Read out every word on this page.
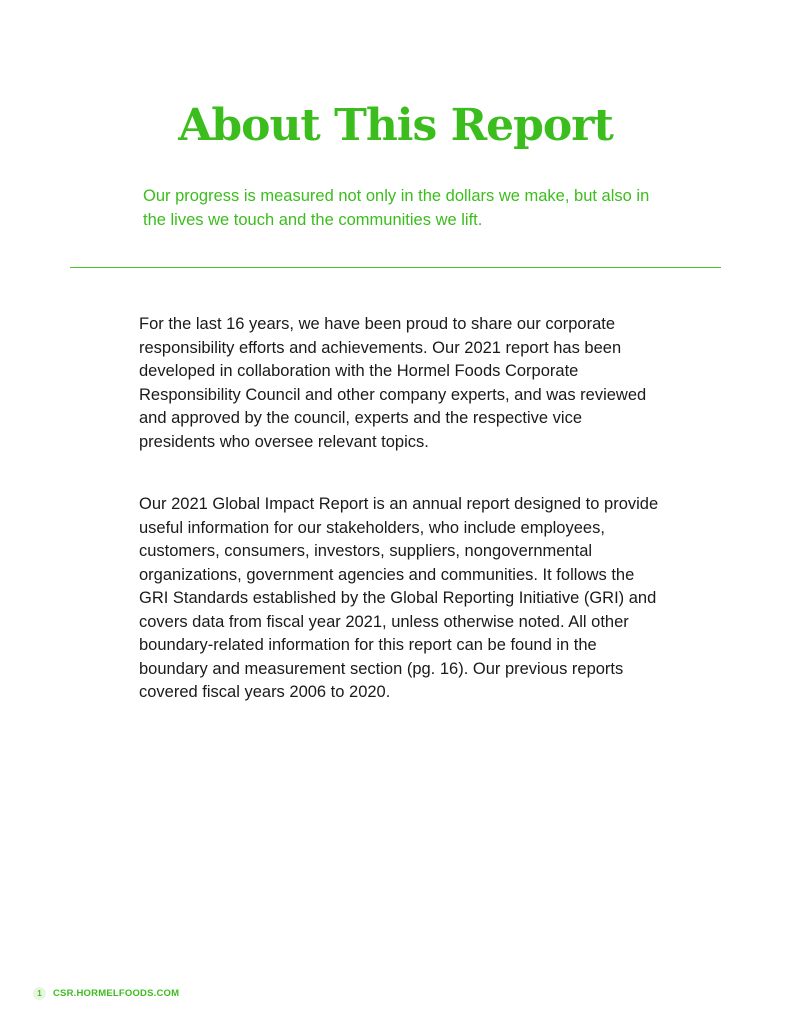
About This Report

Our progress is measured not only in the dollars we make, but also in the lives we touch and the communities we lift.

For the last 16 years, we have been proud to share our corporate responsibility efforts and achievements. Our 2021 report has been developed in collaboration with the Hormel Foods Corporate Responsibility Council and other company experts, and was reviewed and approved by the council, experts and the respective vice presidents who oversee relevant topics.

Our 2021 Global Impact Report is an annual report designed to provide useful information for our stakeholders, who include employees, customers, consumers, investors, suppliers, nongovernmental organizations, government agencies and communities. It follows the GRI Standards established by the Global Reporting Initiative (GRI) and covers data from fiscal year 2021, unless otherwise noted. All other boundary-related information for this report can be found in the boundary and measurement section (pg. 16). Our previous reports covered fiscal years 2006 to 2020.

1	CSR.HORMELFOODS.COM
